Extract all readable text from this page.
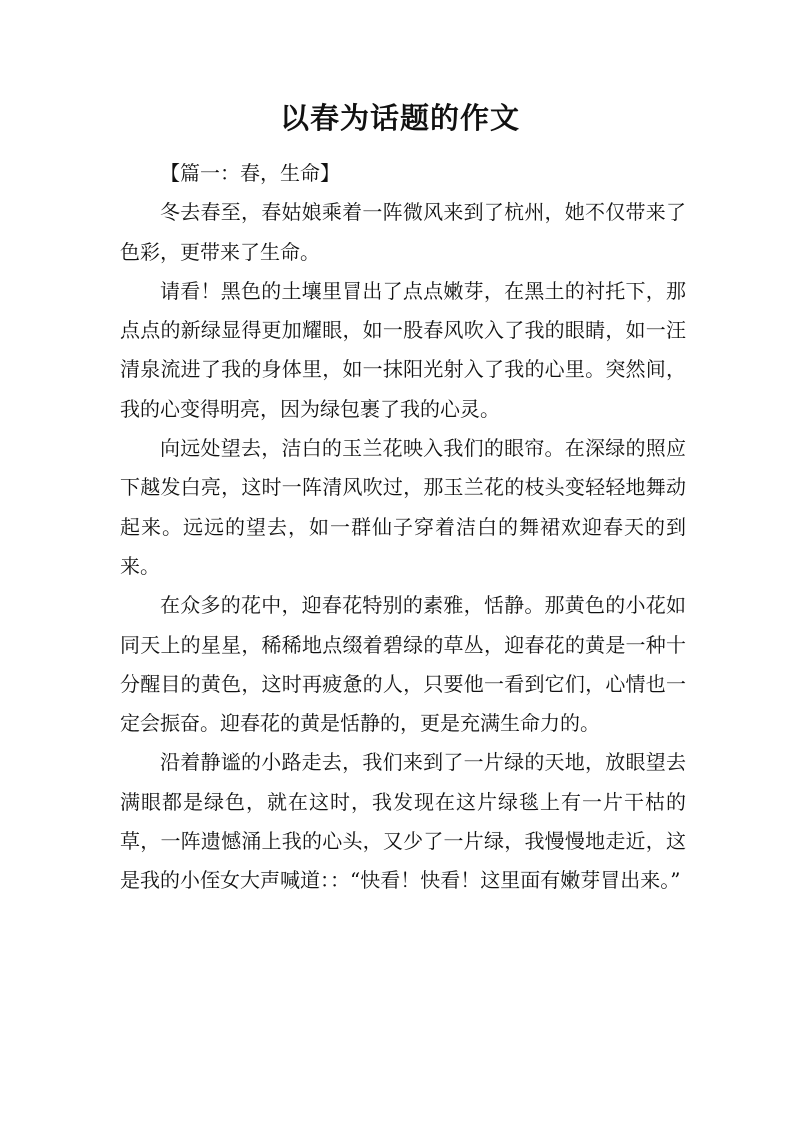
以春为话题的作文

【篇一：春，生命】

冬去春至，春姑娘乘着一阵微风来到了杭州，她不仅带来了色彩，更带来了生命。

请看！黑色的土壤里冒出了点点嫩芽，在黑土的衬托下，那点点的新绿显得更加耀眼，如一股春风吹入了我的眼睛，如一汪清泉流进了我的身体里，如一抹阳光射入了我的心里。突然间，我的心变得明亮，因为绿包裹了我的心灵。

向远处望去，洁白的玉兰花映入我们的眼帘。在深绿的照应下越发白亮，这时一阵清风吹过，那玉兰花的枝头变轻轻地舞动起来。远远的望去，如一群仙子穿着洁白的舞裙欢迎春天的到来。

在众多的花中，迎春花特别的素雅，恬静。那黄色的小花如同天上的星星，稀稀地点缀着碧绿的草丛，迎春花的黄是一种十分醒目的黄色，这时再疲惫的人，只要他一看到它们，心情也一定会振奋。迎春花的黄是恬静的，更是充满生命力的。

沿着静谧的小路走去，我们来到了一片绿的天地，放眼望去满眼都是绿色，就在这时，我发现在这片绿毯上有一片干枯的草，一阵遗憾涌上我的心头，又少了一片绿，我慢慢地走近，这是我的小侄女大声喊道：：“快看！快看！这里面有嫩芽冒出来。”
